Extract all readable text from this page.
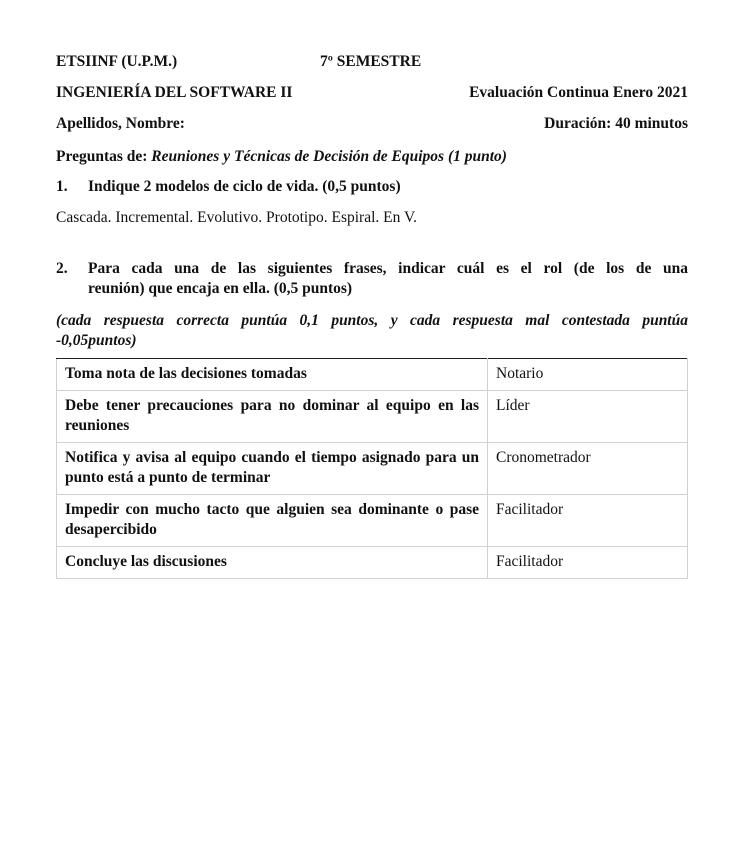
ETSIINF (U.P.M.)	7º SEMESTRE
INGENIERÍA DEL SOFTWARE II	Evaluación Continua Enero 2021
Apellidos, Nombre:	Duración: 40 minutos
Preguntas de: Reuniones y Técnicas de Decisión de Equipos (1 punto)
1. Indique 2 modelos de ciclo de vida. (0,5 puntos)
Cascada. Incremental. Evolutivo. Prototipo. Espiral. En V.
2. Para cada una de las siguientes frases, indicar cuál es el rol (de los de una
reunión) que encaja en ella. (0,5 puntos)
(cada respuesta correcta puntúa 0,1 puntos, y cada respuesta mal contestada puntúa
-0,05puntos)
Toma nota de las decisiones tomadas	Notario
Debe tener precauciones para no dominar al equipo en las reuniones	Líder
Notifica y avisa al equipo cuando el tiempo asignado para un punto está a punto de terminar	Cronometrador
Impedir con mucho tacto que alguien sea dominante o pase desapercibido	Facilitador
Concluye las discusiones	Facilitador
